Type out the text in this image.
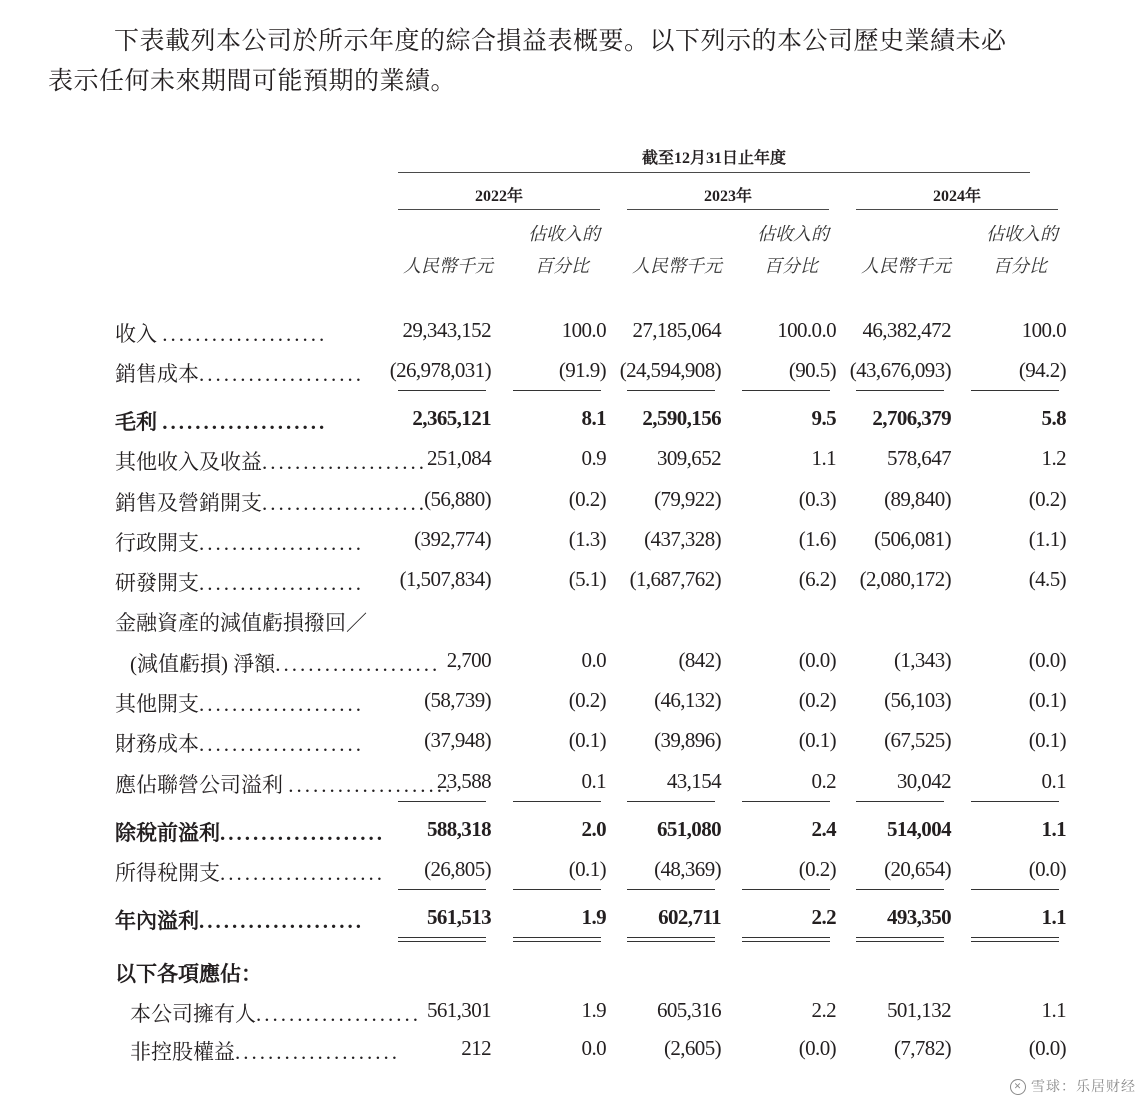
下表載列本公司於所示年度的綜合損益表概要。以下列示的本公司歷史業績未必
表示任何未來期間可能預期的業績。
截至12月31日止年度
2022年	2023年	2024年
佔收入的	佔收入的	佔收入的
人民幣千元 百分比 人民幣千元 百分比 人民幣千元 百分比
收入 ....................	29,343,152	100.0	27,185,064	100.0.0	46,382,472	100.0
銷售成本....................	(26,978,031)	(91.9) (24,594,908)	(90.5) (43,676,093)	(94.2)
毛利 ....................	2,365,121	8.1	2,590,156	9.5	2,706,379	5.8
其他收入及收益.................... 251,084	0.9	309,652	1.1	578,647	1.2
銷售及營銷開支....................
(56,880)	(0.2)	(79,922)	(0.3)	(89,840)	(0.2)
行政開支....................	(392,774)	(1.3)	(437,328)	(1.6)	(506,081)	(1.1)
研發開支....................	(1,507,834)	(5.1)	(1,687,762)	(6.2)	(2,080,172)	(4.5)
金融資產的減值虧損撥回／
(減值虧損) 淨額.................... 2,700	0.0	(842)	(0.0)	(1,343)	(0.0)
其他開支....................	(58,739)	(0.2)	(46,132)	(0.2)	(56,103)	(0.1)
財務成本....................	(37,948)	(0.1)	(39,896)	(0.1)	(67,525)	(0.1)
應佔聯營公司溢利 ....................
23,588	0.1	43,154	0.2	30,042	0.1
除稅前溢利....................	588,318	2.0	651,080	2.4	514,004	1.1
所得稅開支....................	(26,805)	(0.1)	(48,369)	(0.2)	(20,654)	(0.0)
年內溢利....................	561,513	1.9	602,711	2.2	493,350	1.1
以下各項應佔：
本公司擁有人.................... 561,301	1.9	605,316	2.2	501,132	1.1
非控股權益....................	212	0.0	(2,605)	(0.0)	(7,782)	(0.0)
✕ 雪球：乐居财经
